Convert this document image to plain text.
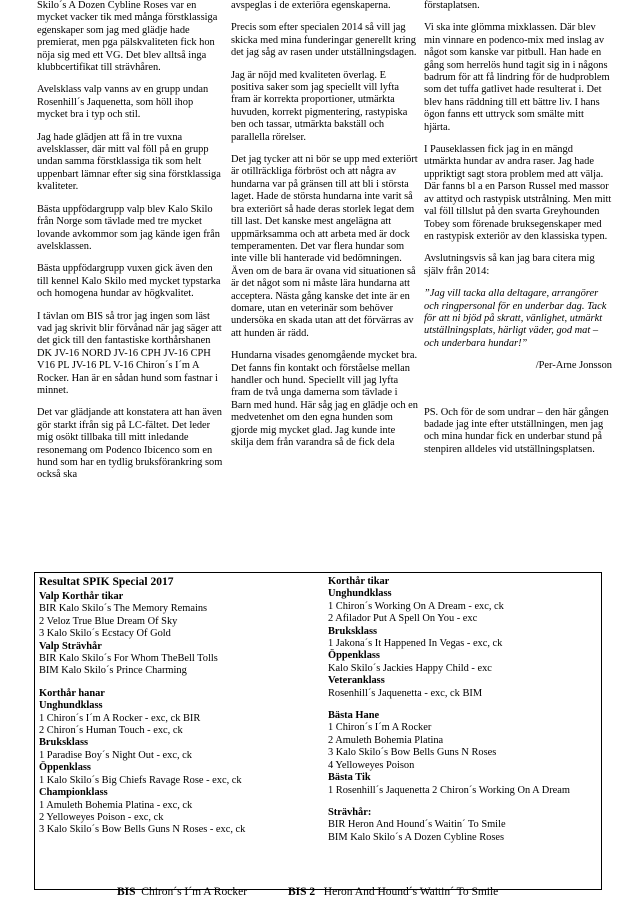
Skilo´s A Dozen Cybline Roses var en mycket vacker tik med många förstklassiga egenskaper som jag med glädje hade premierat, men pga pälskvaliteten fick hon nöja sig med ett VG. Det blev alltså inga klubbcertifikat till strävhåren.

Avelsklass valp vanns av en grupp undan Rosenhill´s Jaquenetta, som höll ihop mycket bra i typ och stil.

Jag hade glädjen att få in tre vuxna avelsklasser, där mitt val föll på en grupp undan samma förstklassiga tik som helt uppenbart lämnar efter sig sina förstklassiga kvaliteter.

Bästa uppfödargrupp valp blev Kalo Skilo från Norge som tävlade med tre mycket lovande avkommor som jag kände igen från avelsklassen.

Bästa uppfödargrupp vuxen gick även den till kennel Kalo Skilo med mycket typstarka och homogena hundar av högkvalitet.

I tävlan om BIS så tror jag ingen som läst vad jag skrivit blir förvånad när jag säger att det gick till den fantastiske korthårshanen DK JV-16 NORD JV-16 CPH JV-16 CPH V16 PL JV-16 PL V-16 Chiron´s I´m A Rocker. Han är en sådan hund som fastnar i minnet.

Det var glädjande att konstatera att han även gör starkt ifrån sig på LC-fältet. Det leder mig osökt tillbaka till mitt inledande resonemang om Podenco Ibicenco som en hund som har en tydlig bruksförankring som också ska

avspeglas i de exteriöra egenskaperna.

Precis som efter specialen 2014 så vill jag skicka med mina funderingar generellt kring det jag såg av rasen under utställningsdagen.

Jag är nöjd med kvaliteten överlag. E positiva saker som jag speciellt vill lyfta fram är korrekta proportioner, utmärkta huvuden, korrekt pigmentering, rastypiska ben och tassar, utmärkta bakställ och parallella rörelser.

Det jag tycker att ni bör se upp med exteriört är otillräckliga förbröst och att några av hundarna var på gränsen till att bli i största laget. Hade de största hundarna inte varit så bra exteriört så hade deras storlek legat dem till last. Det kanske mest angelägna att uppmärksamma och att arbeta med är dock temperamenten. Det var flera hundar som inte ville bli hanterade vid bedömningen. Även om de bara är ovana vid situationen så är det något som ni måste lära hundarna att acceptera. Nästa gång kanske det inte är en domare, utan en veterinär som behöver undersöka en skada utan att det förvärras av att hunden är rädd.

Hundarna visades genomgående mycket bra. Det fanns fin kontakt och förståelse mellan handler och hund. Speciellt vill jag lyfta fram de två unga damerna som tävlade i Barn med hund. Här såg jag en glädje och en medvetenhet om den egna hunden som gjorde mig mycket glad. Jag kunde inte skilja dem från varandra så de fick dela

förstaplatsen.

Vi ska inte glömma mixklassen. Där blev min vinnare en podenco-mix med inslag av något som kanske var pitbull. Han hade en gång som herrelös hund tagit sig in i någons badrum för att få lindring för de hudproblem som det tuffa gatlivet hade resulterat i. Det blev hans räddning till ett bättre liv. I hans ögon fanns ett uttryck som smälte mitt hjärta.

I Pauseklassen fick jag in en mängd utmärkta hundar av andra raser. Jag hade uppriktigt sagt stora problem med att välja. Där fanns bl a en Parson Russel med massor av attityd och rastypisk utstrålning. Men mitt val föll tillslut på den svarta Greyhounden Tobey som förenade bruksegenskaper med en rastypisk exteriör av den klassiska typen.

Avslutningsvis så kan jag bara citera mig själv från 2014:

”Jag vill tacka alla deltagare, arrangörer och ringpersonal för en underbar dag. Tack för att ni bjöd på skratt, vänlighet, utmärkt utställningsplats, härligt väder, god mat – och underbara hundar!”

/Per-Arne Jonsson

PS. Och för de som undrar – den här gången badade jag inte efter utställningen, men jag och mina hundar fick en underbar stund på stenpiren alldeles vid utställningsplatsen.

Resultat SPIK Special 2017
Valp Korthår tikar
BIR Kalo Skilo´s The Memory Remains
2 Veloz True Blue Dream Of Sky
3 Kalo Skilo´s Ecstacy Of Gold
Valp Strävhår
BIR Kalo Skilo´s For Whom TheBell Tolls
BIM Kalo Skilo´s Prince Charming
Korthår hanar
Unghundklass
1 Chiron´s I´m A Rocker - exc, ck BIR
2 Chiron´s Human Touch - exc, ck
Bruksklass
1 Paradise Boy´s Night Out - exc, ck
Öppenklass
1 Kalo Skilo´s Big Chiefs Ravage Rose - exc, ck
Championklass
1 Amuleth Bohemia Platina - exc, ck
2 Yelloweyes Poison - exc, ck
3 Kalo Skilo´s Bow Bells Guns N Roses - exc, ck
Korthår tikar
Unghundklass
1 Chiron´s Working On A Dream - exc, ck
2 Afilador Put A Spell On You - exc
Bruksklass
1 Jakona´s It Happened In Vegas - exc, ck
Öppenklass
Kalo Skilo´s Jackies Happy Child - exc
Veteranklass
Rosenhill´s Jaquenetta - exc, ck BIM
Bästa Hane
1 Chiron´s I´m A Rocker
2 Amuleth Bohemia Platina
3 Kalo Skilo´s Bow Bells Guns N Roses
4 Yelloweyes Poison
Bästa Tik
1 Rosenhill´s Jaquenetta 2 Chiron´s Working On A Dream
Strävhår:
BIR Heron And Hound´s Waitin´ To Smile
BIM Kalo Skilo´s A Dozen Cybline Roses
BIS Chiron´s I´m A Rocker	BIS 2 Heron And Hound´s Waitin´ To Smile
